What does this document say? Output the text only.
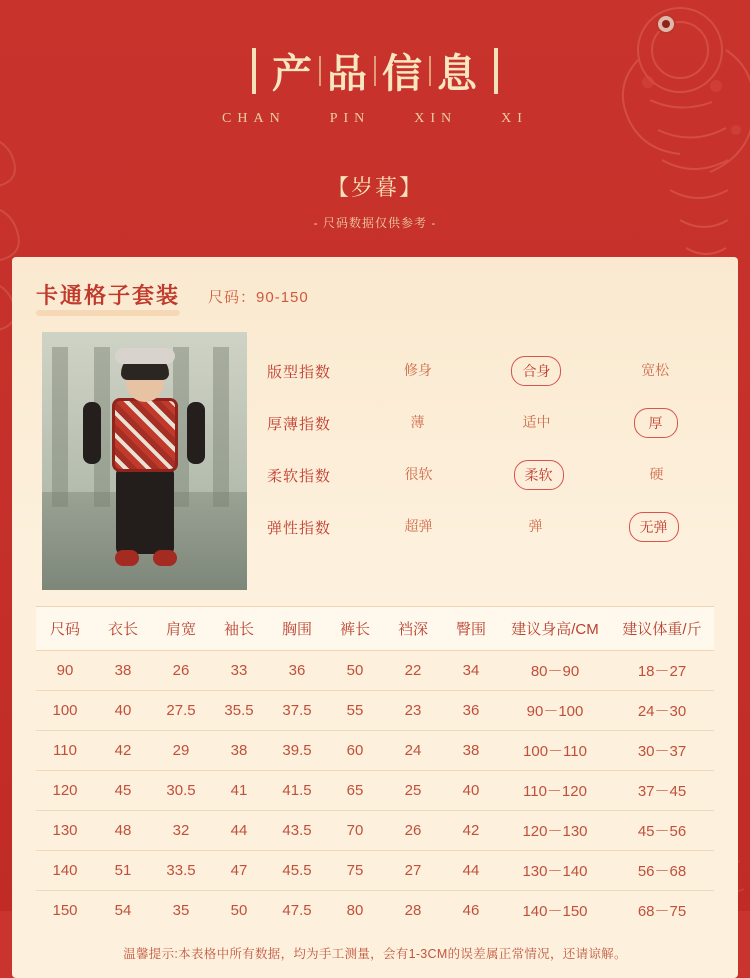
产 品 信 息
CHAN	PIN	XIN	XI
【岁暮】
- 尺码数据仅供参考 -
卡通格子套装 尺码：90-150
版型指数	修身	合身	宽松
厚薄指数	薄	适中	厚
柔软指数	很软	柔软	硬
弹性指数	超弹	弹	无弹
尺码	衣长	肩宽	袖长	胸围	裤长	裆深	臀围	建议身高/CM	建议体重/斤
90	38	26	33	36	50	22	34	80－90	18－27
100	40	27.5	35.5	37.5	55	23	36	90－100	24－30
110	42	29	38	39.5	60	24	38	100－110	30－37
120	45	30.5	41	41.5	65	25	40	110－120	37－45
130	48	32	44	43.5	70	26	42	120－130	45－56
140	51	33.5	47	45.5	75	27	44	130－140	56－68
150	54	35	50	47.5	80	28	46	140－150	68－75
温馨提示:本表格中所有数据，均为手工测量，会有1-3CM的误差属正常情况，还请谅解。
